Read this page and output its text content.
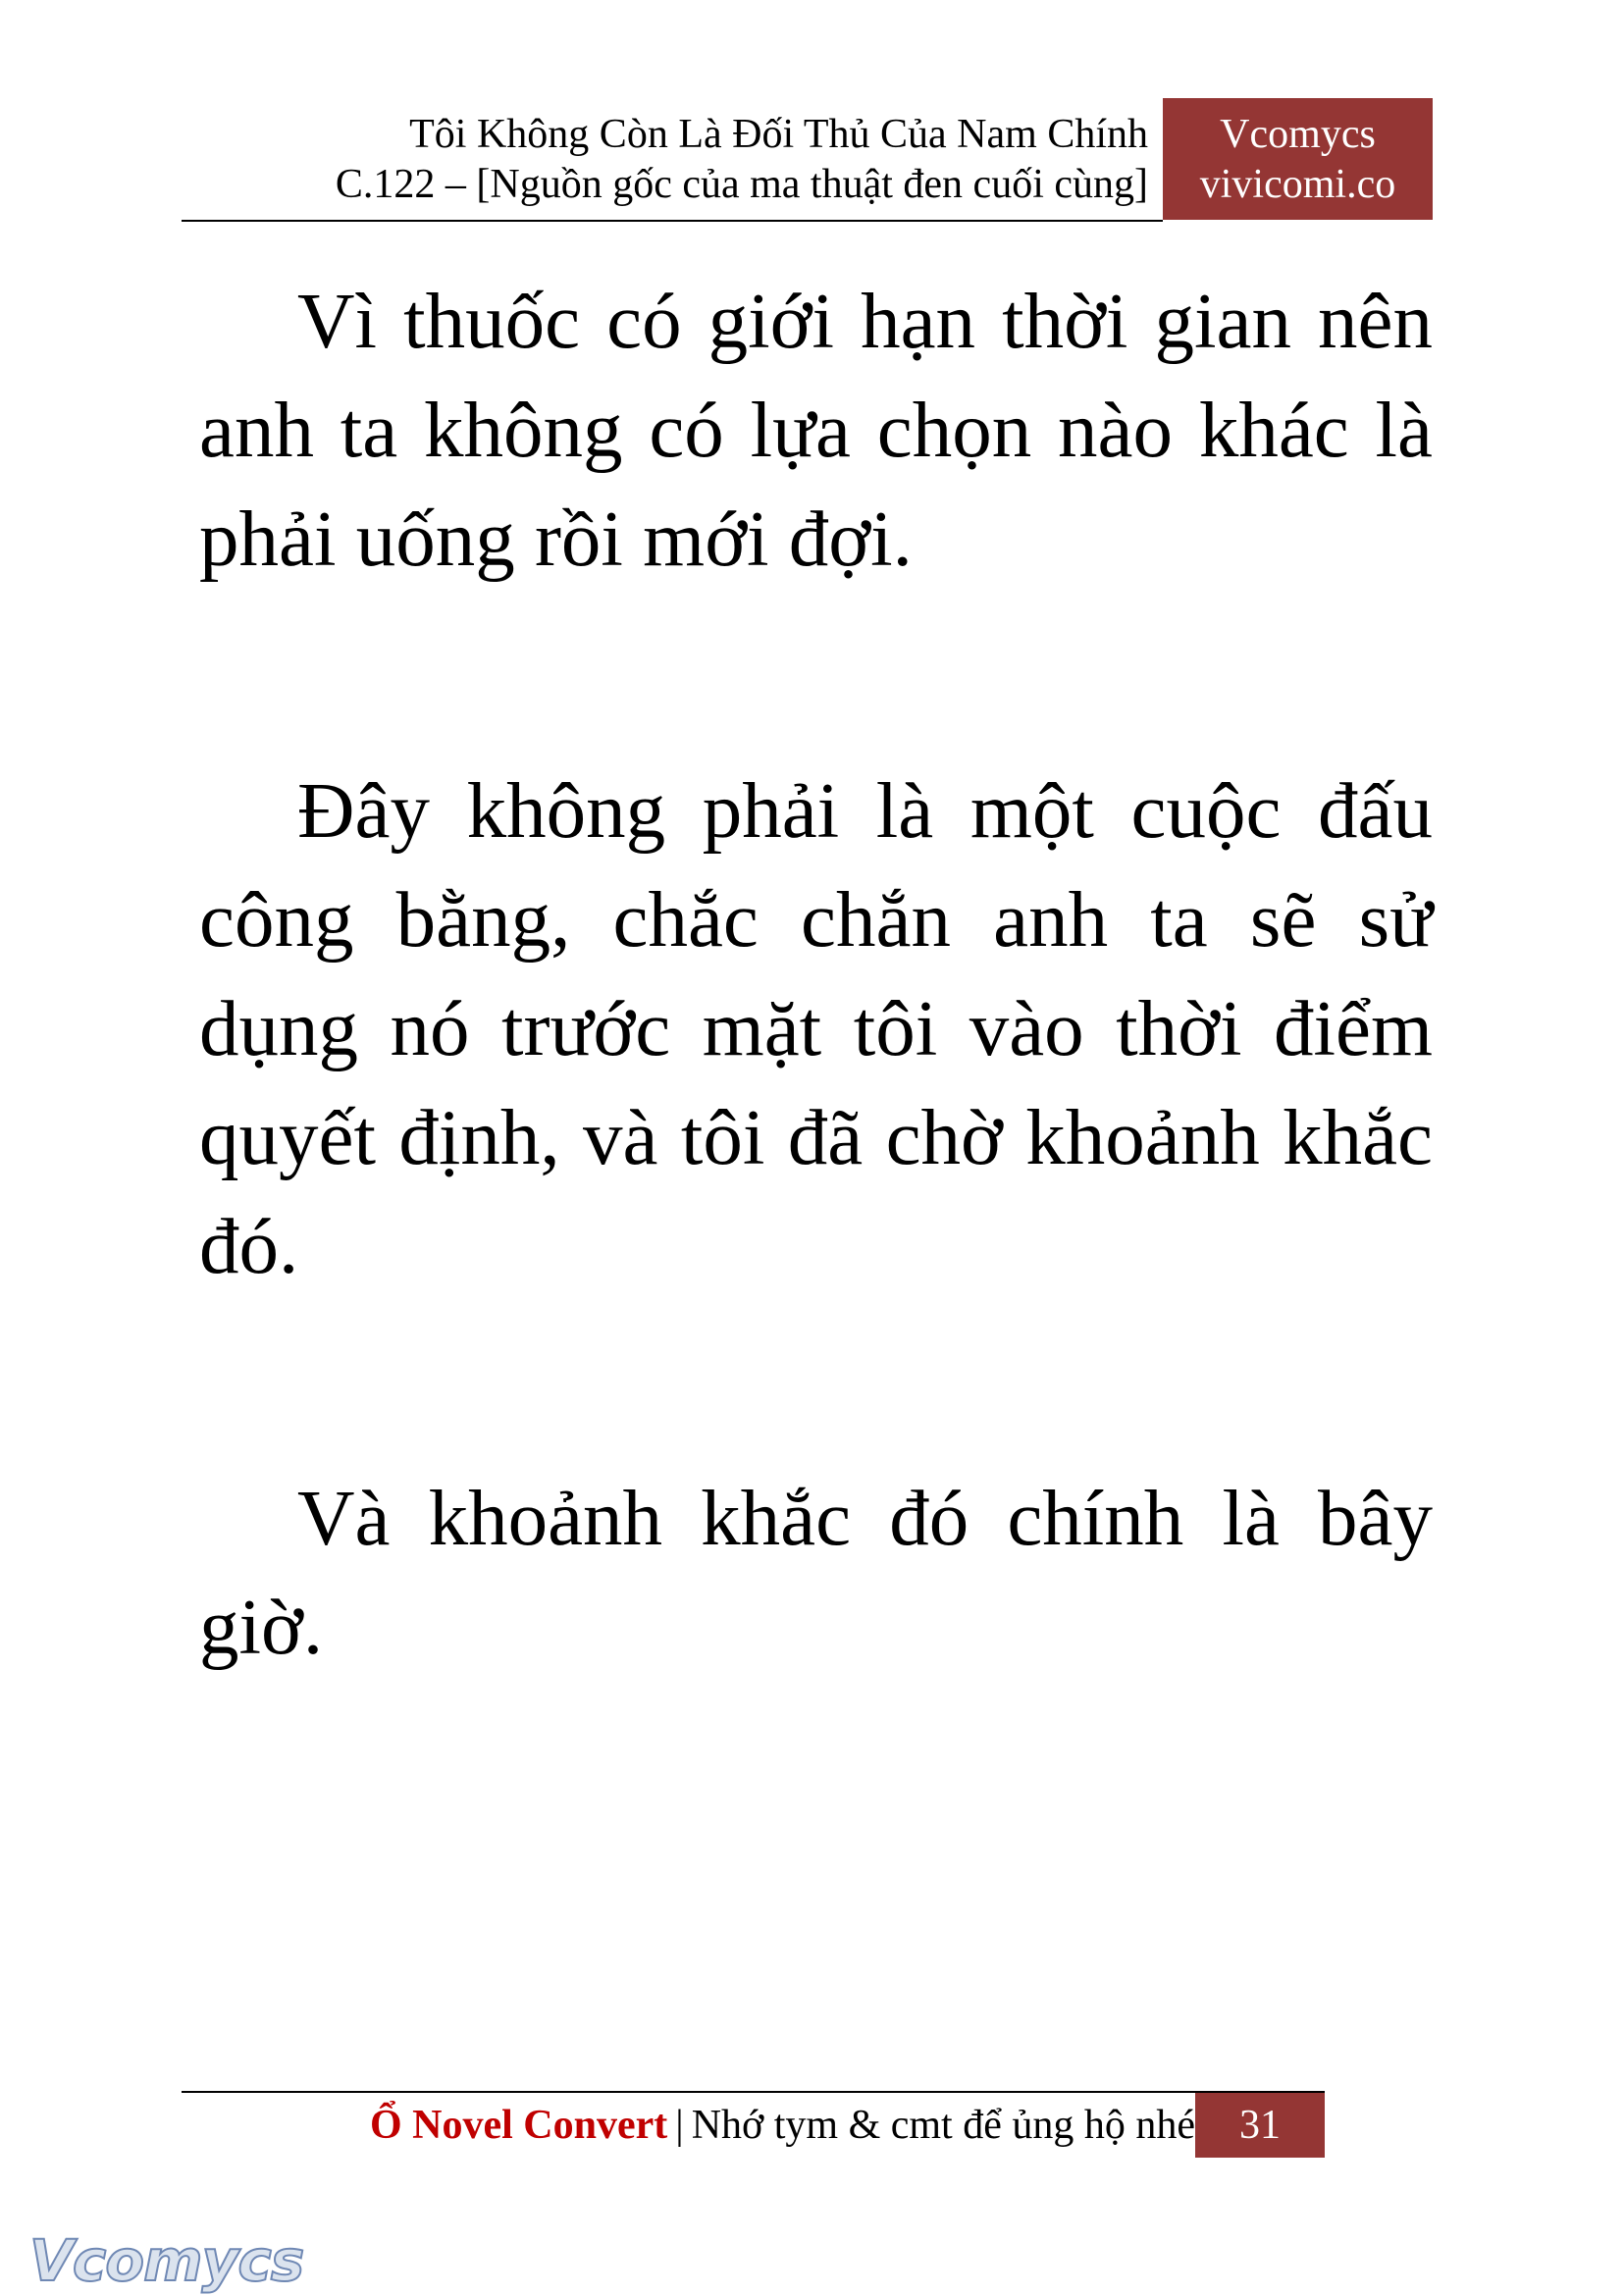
Tôi Không Còn Là Đối Thủ Của Nam Chính
C.122 – [Nguồn gốc của ma thuật đen cuối cùng]
Vcomycs
vivicomi.co

Vì thuốc có giới hạn thời gian nên anh ta không có lựa chọn nào khác là phải uống rồi mới đợi.

Đây không phải là một cuộc đấu công bằng, chắc chắn anh ta sẽ sử dụng nó trước mặt tôi vào thời điểm quyết định, và tôi đã chờ khoảnh khắc đó.

Và khoảnh khắc đó chính là bây giờ.

Ổ Novel Convert | Nhớ tym & cmt để ủng hộ nhé	31
Vcomycs
